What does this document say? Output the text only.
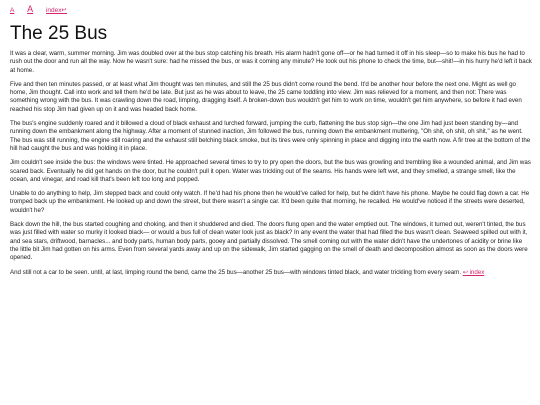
A A index↵
The 25 Bus

It was a clear, warm, summer morning. Jim was doubled over at the bus stop catching his breath. His alarm hadn't gone off—or he had turned it off in his sleep—so to make his bus he had to rush out the door and run all the way. Now he wasn't sure: had he missed the bus, or was it coming any minute? He took out his phone to check the time, but—shit!—in his hurry he'd left it back at home.

Five and then ten minutes passed, or at least what Jim thought was ten minutes, and still the 25 bus didn't come round the bend. It'd be another hour before the next one. Might as well go home, Jim thought. Call into work and tell them he'd be late. But just as he was about to leave, the 25 came toddling into view. Jim was relieved for a moment, and then not: There was something wrong with the bus. It was crawling down the road, limping, dragging itself. A broken-down bus wouldn't get him to work on time, wouldn't get him anywhere, so before it had even reached his stop Jim had given up on it and was headed back home.

The bus's engine suddenly roared and it billowed a cloud of black exhaust and lurched forward, jumping the curb, flattening the bus stop sign—the one Jim had just been standing by—and running down the embankment along the highway. After a moment of stunned inaction, Jim followed the bus, running down the embankment muttering, "Oh shit, oh shit, oh shit," as he went. The bus was still running, the engine still roaring and the exhaust still belching black smoke, but its tires were only spinning in place and digging into the earth now. A fir tree at the bottom of the hill had caught the bus and was holding it in place.

Jim couldn't see inside the bus: the windows were tinted. He approached several times to try to pry open the doors, but the bus was growling and trembling like a wounded animal, and Jim was scared back. Eventually he did get hands on the door, but he couldn't pull it open. Water was trickling out of the seams. His hands were left wet, and they smelled, a strange smell, like the ocean, and vinegar, and road kill that's been left too long and popped.

Unable to do anything to help, Jim stepped back and could only watch. If he'd had his phone then he would've called for help, but he didn't have his phone. Maybe he could flag down a car. He tromped back up the embankment. He looked up and down the street, but there wasn't a single car. It'd been quite that morning, he recalled. He would've noticed if the streets were deserted, wouldn't he?

Back down the hill, the bus started coughing and choking, and then it shuddered and died. The doors flung open and the water emptied out. The windows, it turned out, weren't tinted, the bus was just filled with water so murky it looked black— or would a bus full of clean water look just as black? In any event the water that had filled the bus wasn't clean. Seaweed spilled out with it, and sea stars, driftwood, barnacles... and body parts, human body parts, gooey and partially dissolved. The smell coming out with the water didn't have the undertones of acidity or brine like the little bit Jim had gotten on his arms. Even from several yards away and up on the sidewalk, Jim started gagging on the smell of death and decomposition almost as soon as the doors were opened.

And still not a car to be seen. until, at last, limping round the bend, came the 25 bus—another 25 bus—with windows tinted black, and water trickling from every seam. ↩ index
